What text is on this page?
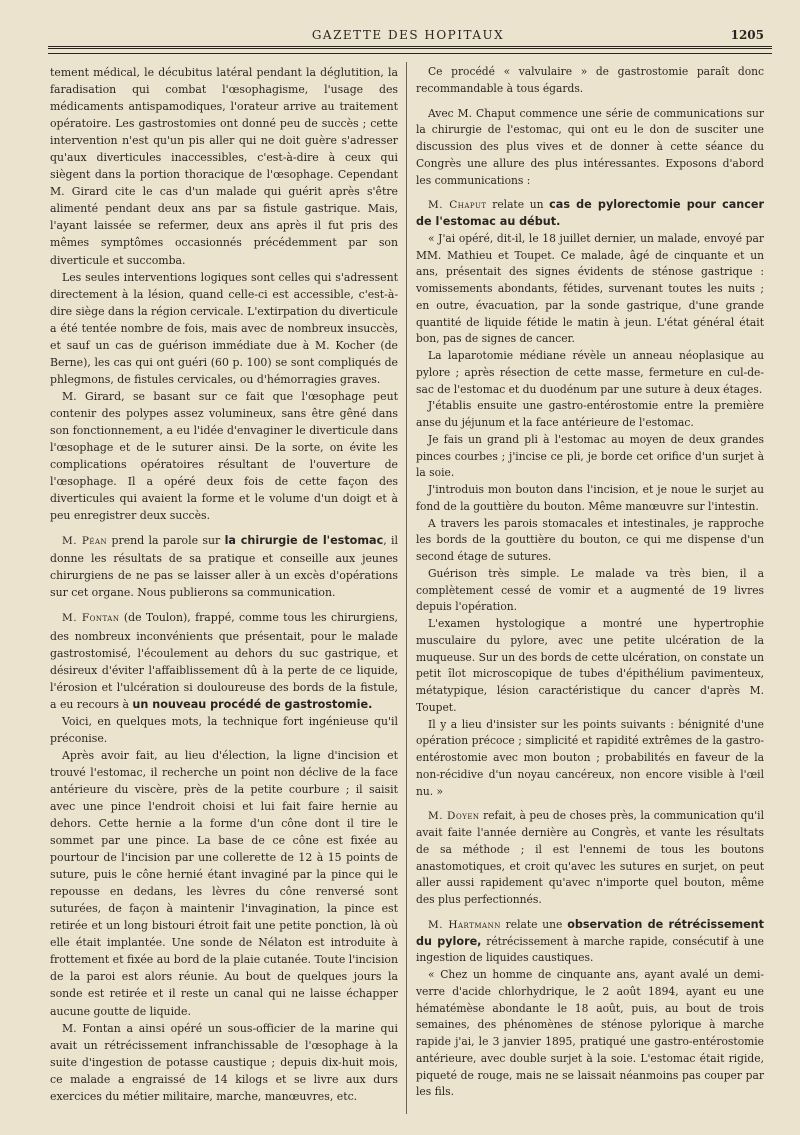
GAZETTE DES HOPITAUX	1205

tement médical, le décubitus latéral pendant la déglutition, la faradisation qui combat l'œsophagisme, l'usage des médicaments antispamodiques, l'orateur arrive au traitement opératoire. Les gastrostomies ont donné peu de succès ; cette intervention n'est qu'un pis aller qui ne doit guère s'adresser qu'aux diverticules inaccessibles, c'est-à-dire à ceux qui siègent dans la portion thoracique de l'œsophage. Cependant M. Girard cite le cas d'un malade qui guérit après s'être alimenté pendant deux ans par sa fistule gastrique. Mais, l'ayant laissée se refermer, deux ans après il fut pris des mêmes symptômes occasionnés précédemment par son diverticule et succomba.

Les seules interventions logiques sont celles qui s'adressent directement à la lésion, quand celle-ci est accessible, c'est-à-dire siège dans la région cervicale. L'extirpation du diverticule a été tentée nombre de fois, mais avec de nombreux insuccès, et sauf un cas de guérison immédiate due à M. Kocher (de Berne), les cas qui ont guéri (60 p. 100) se sont compliqués de phlegmons, de fistules cervicales, ou d'hémorragies graves.

M. Girard, se basant sur ce fait que l'œsophage peut contenir des polypes assez volumineux, sans être gêné dans son fonctionnement, a eu l'idée d'envaginer le diverticule dans l'œsophage et de le suturer ainsi. De la sorte, on évite les complications opératoires résultant de l'ouverture de l'œsophage. Il a opéré deux fois de cette façon des diverticules qui avaient la forme et le volume d'un doigt et à peu enregistrer deux succès.

M. Péan prend la parole sur la chirurgie de l'estomac, il donne les résultats de sa pratique et conseille aux jeunes chirurgiens de ne pas se laisser aller à un excès d'opérations sur cet organe. Nous publierons sa communication.

M. Fontan (de Toulon), frappé, comme tous les chirurgiens, des nombreux inconvénients que présentait, pour le malade gastrostomisé, l'écoulement au dehors du suc gastrique, et désireux d'éviter l'affaiblissement dû à la perte de ce liquide, l'érosion et l'ulcération si douloureuse des bords de la fistule, a eu recours à un nouveau procédé de gastrostomie.

Voici, en quelques mots, la technique fort ingénieuse qu'il préconise.

Après avoir fait, au lieu d'élection, la ligne d'incision et trouvé l'estomac, il recherche un point non déclive de la face antérieure du viscère, près de la petite courbure ; il saisit avec une pince l'endroit choisi et lui fait faire hernie au dehors. Cette hernie a la forme d'un cône dont il tire le sommet par une pince. La base de ce cône est fixée au pourtour de l'incision par une collerette de 12 à 15 points de suture, puis le cône hernié étant invaginé par la pince qui le repousse en dedans, les lèvres du cône renversé sont suturées, de façon à maintenir l'invagination, la pince est retirée et un long bistouri étroit fait une petite ponction, là où elle était implantée. Une sonde de Nélaton est introduite à frottement et fixée au bord de la plaie cutanée. Toute l'incision de la paroi est alors réunie. Au bout de quelques jours la sonde est retirée et il reste un canal qui ne laisse échapper aucune goutte de liquide.

M. Fontan a ainsi opéré un sous-officier de la marine qui avait un rétrécissement infranchissable de l'œsophage à la suite d'ingestion de potasse caustique ; depuis dix-huit mois, ce malade a engraissé de 14 kilogs et se livre aux durs exercices du métier militaire, marche, manœuvres, etc.

Ce procédé « valvulaire » de gastrostomie paraît donc recommandable à tous égards.

Avec M. Chaput commence une série de communications sur la chirurgie de l'estomac, qui ont eu le don de susciter une discussion des plus vives et de donner à cette séance du Congrès une allure des plus intéressantes. Exposons d'abord les communications :

M. Chaput relate un cas de pylorectomie pour cancer de l'estomac au début.

« J'ai opéré, dit-il, le 18 juillet dernier, un malade, envoyé par MM. Mathieu et Toupet. Ce malade, âgé de cinquante et un ans, présentait des signes évidents de sténose gastrique : vomissements abondants, fétides, survenant toutes les nuits ; en outre, évacuation, par la sonde gastrique, d'une grande quantité de liquide fétide le matin à jeun. L'état général était bon, pas de signes de cancer.

La laparotomie médiane révèle un anneau néoplasique au pylore ; après résection de cette masse, fermeture en cul-de-sac de l'estomac et du duodénum par une suture à deux étages.

J'établis ensuite une gastro-entérostomie entre la première anse du jéjunum et la face antérieure de l'estomac.

Je fais un grand pli à l'estomac au moyen de deux grandes pinces courbes ; j'incise ce pli, je borde cet orifice d'un surjet à la soie.

J'introduis mon bouton dans l'incision, et je noue le surjet au fond de la gouttière du bouton. Même manœuvre sur l'intestin.

A travers les parois stomacales et intestinales, je rapproche les bords de la gouttière du bouton, ce qui me dispense d'un second étage de sutures.

Guérison très simple. Le malade va très bien, il a complètement cessé de vomir et a augmenté de 19 livres depuis l'opération.

L'examen hystologique a montré une hypertrophie musculaire du pylore, avec une petite ulcération de la muqueuse. Sur un des bords de cette ulcération, on constate un petit îlot microscopique de tubes d'épithélium pavimenteux, métatypique, lésion caractéristique du cancer d'après M. Toupet.

Il y a lieu d'insister sur les points suivants : bénignité d'une opération précoce ; simplicité et rapidité extrêmes de la gastro-entérostomie avec mon bouton ; probabilités en faveur de la non-récidive d'un noyau cancéreux, non encore visible à l'œil nu. »

M. Doyen refait, à peu de choses près, la communication qu'il avait faite l'année dernière au Congrès, et vante les résultats de sa méthode ; il est l'ennemi de tous les boutons anastomotiques, et croit qu'avec les sutures en surjet, on peut aller aussi rapidement qu'avec n'importe quel bouton, même des plus perfectionnés.

M. Hartmann relate une observation de rétrécissement du pylore, rétrécissement à marche rapide, consécutif à une ingestion de liquides caustiques.

« Chez un homme de cinquante ans, ayant avalé un demi-verre d'acide chlorhydrique, le 2 août 1894, ayant eu une hématémèse abondante le 18 août, puis, au bout de trois semaines, des phénomènes de sténose pylorique à marche rapide j'ai, le 3 janvier 1895, pratiqué une gastro-entérostomie antérieure, avec double surjet à la soie. L'estomac était rigide, piqueté de rouge, mais ne se laissait néanmoins pas couper par les fils.
